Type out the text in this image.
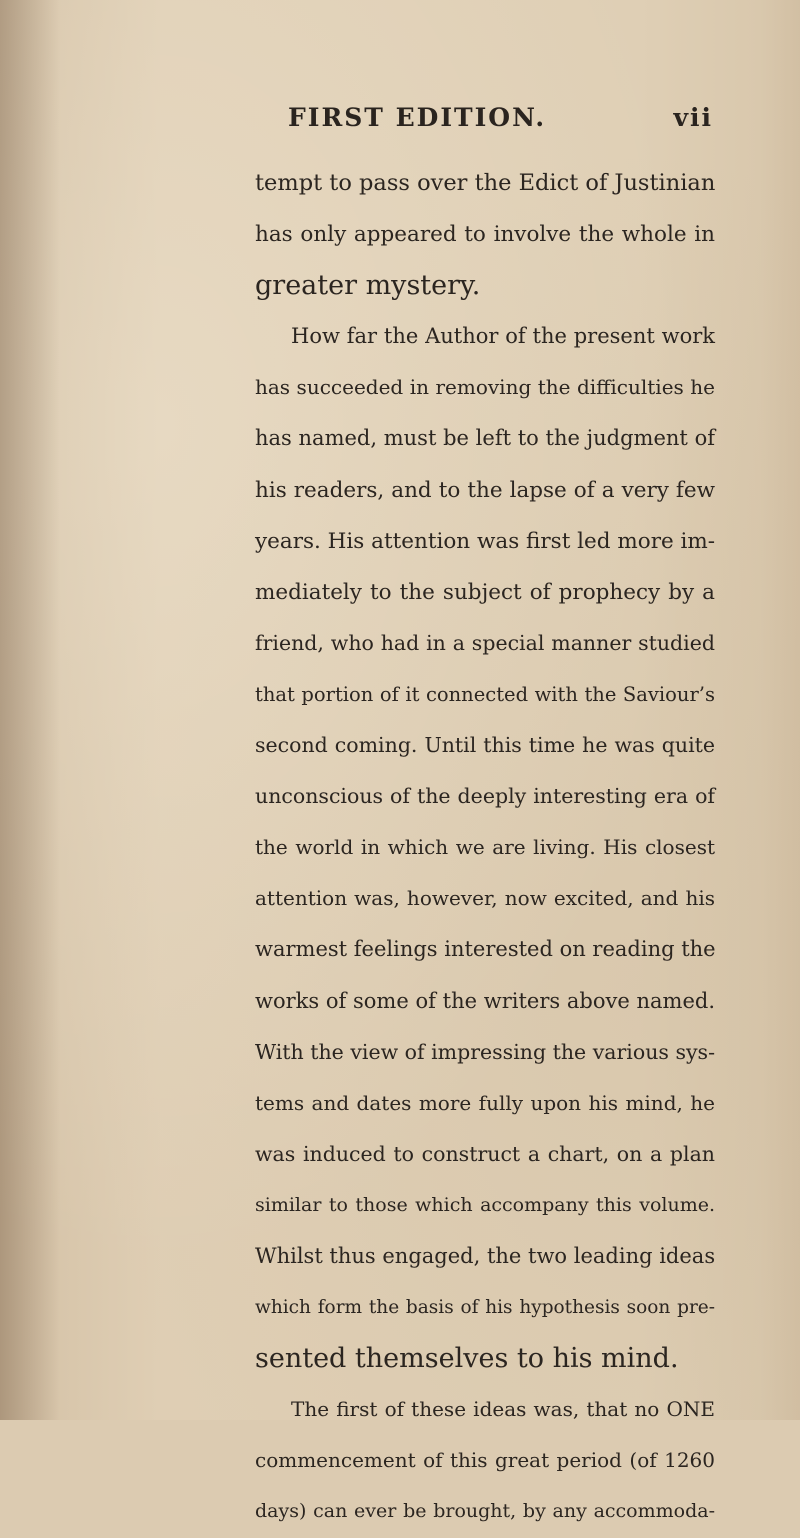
FIRST EDITION.	vii
tempt to pass over the Edict of Justinian
has only appeared to involve the whole in
greater mystery.
How far the Author of the present work
has succeeded in removing the difficulties he
has named, must be left to the judgment of
his readers, and to the lapse of a very few
years. His attention was first led more im-
mediately to the subject of prophecy by a
friend, who had in a special manner studied
that portion of it connected with the Saviour’s
second coming. Until this time he was quite
unconscious of the deeply interesting era of
the world in which we are living. His closest
attention was, however, now excited, and his
warmest feelings interested on reading the
works of some of the writers above named.
With the view of impressing the various sys-
tems and dates more fully upon his mind, he
was induced to construct a chart, on a plan
similar to those which accompany this volume.
Whilst thus engaged, the two leading ideas
which form the basis of his hypothesis soon pre-
sented themselves to his mind.
The first of these ideas was, that no ONE
commencement of this great period (of 1260
days) can ever be brought, by any accommoda-
